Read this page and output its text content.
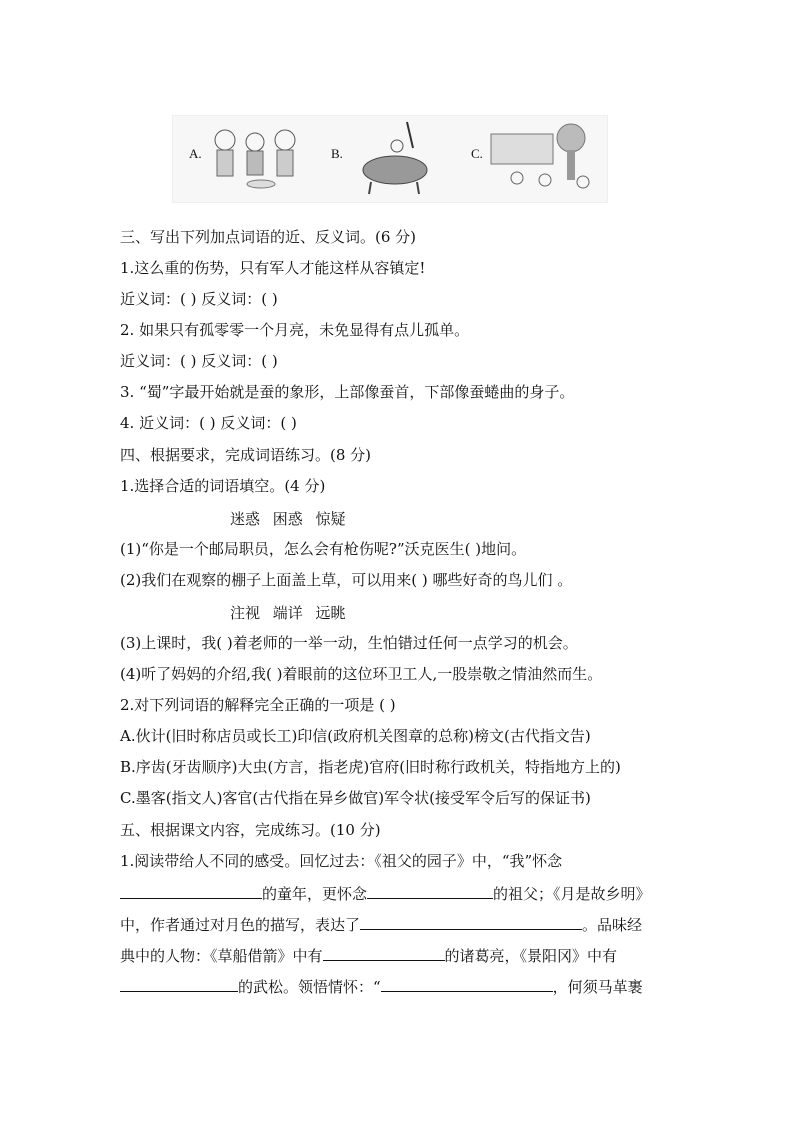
A.	B.	C.
三、写出下列加点词语的近、反义词。(6 分)
1.这么重的伤势，只有军人才能这样从容镇定!
近义词：( ) 反义词：( )
2. 如果只有孤零零一个月亮，未免显得有点儿孤单。
近义词：( ) 反义词：( )
3. “蜀”字最开始就是蚕的象形，上部像蚕首，下部像蚕蜷曲的身子。
4. 近义词：( ) 反义词：( )
四、根据要求，完成词语练习。(8 分)
1.选择合适的词语填空。(4 分)
迷惑 困惑 惊疑
(1)“你是一个邮局职员，怎么会有枪伤呢?”沃克医生( )地问。
(2)我们在观察的棚子上面盖上草，可以用来( ) 哪些好奇的鸟儿们 。
注视 端详 远眺
(3)上课时，我( )着老师的一举一动，生怕错过任何一点学习的机会。
(4)听了妈妈的介绍,我( )着眼前的这位环卫工人,一股崇敬之情油然而生。
2.对下列词语的解释完全正确的一项是 ( )
A.伙计(旧时称店员或长工)印信(政府机关图章的总称)榜文(古代指文告)
B.序齿(牙齿顺序)大虫(方言，指老虎)官府(旧时称行政机关，特指地方上的)
C.墨客(指文人)客官(古代指在异乡做官)军令状(接受军令后写的保证书)
五、根据课文内容，完成练习。(10 分)
1.阅读带给人不同的感受。回忆过去：《祖父的园子》中，“我”怀念
的童年，更怀念	的祖父；《月是故乡明》
中，作者通过对月色的描写，表达了	。品味经
典中的人物：《草船借箭》中有	的诸葛亮，《景阳冈》中有
的武松。领悟情怀：“	，何须马革裹
